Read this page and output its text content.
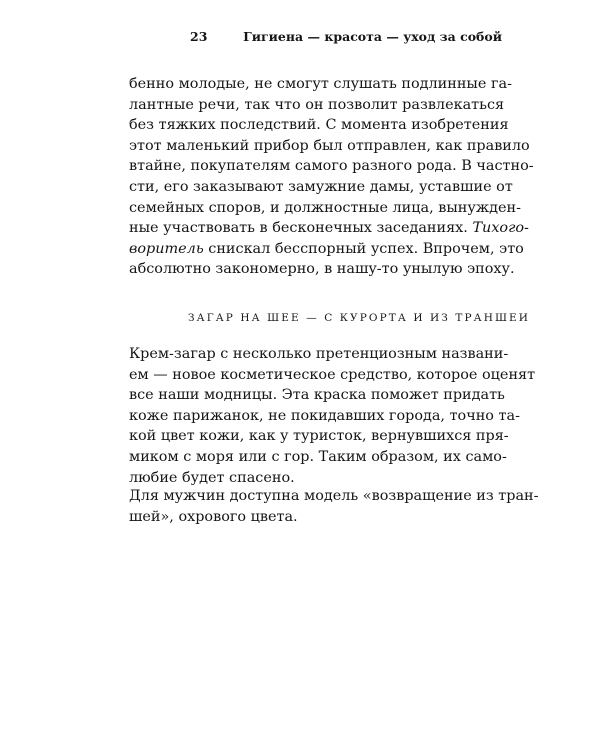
23	Гигиена — красота — уход за собой
бенно молодые, не смогут слушать подлинные га-
лантные речи, так что он позволит развлекаться
без тяжких последствий. С момента изобретения
этот маленький прибор был отправлен, как правило
втайне, покупателям самого разного рода. В частно-
сти, его заказывают замужние дамы, уставшие от
семейных споров, и должностные лица, вынужден-
ные участвовать в бесконечных заседаниях. Тихого-
воритель снискал бесспорный успех. Впрочем, это
абсолютно закономерно, в нашу-то унылую эпоху.
ЗАГАР НА ШЕЕ — С КУРОРТА И ИЗ ТРАНШЕИ
Крем-загар с несколько претенциозным названи-
ем — новое косметическое средство, которое оценят
все наши модницы. Эта краска поможет придать
коже парижанок, не покидавших города, точно та-
кой цвет кожи, как у туристок, вернувшихся пря-
миком с моря или с гор. Таким образом, их само-
любие будет спасено.
Для мужчин доступна модель «возвращение из тран-
шей», охрового цвета.
